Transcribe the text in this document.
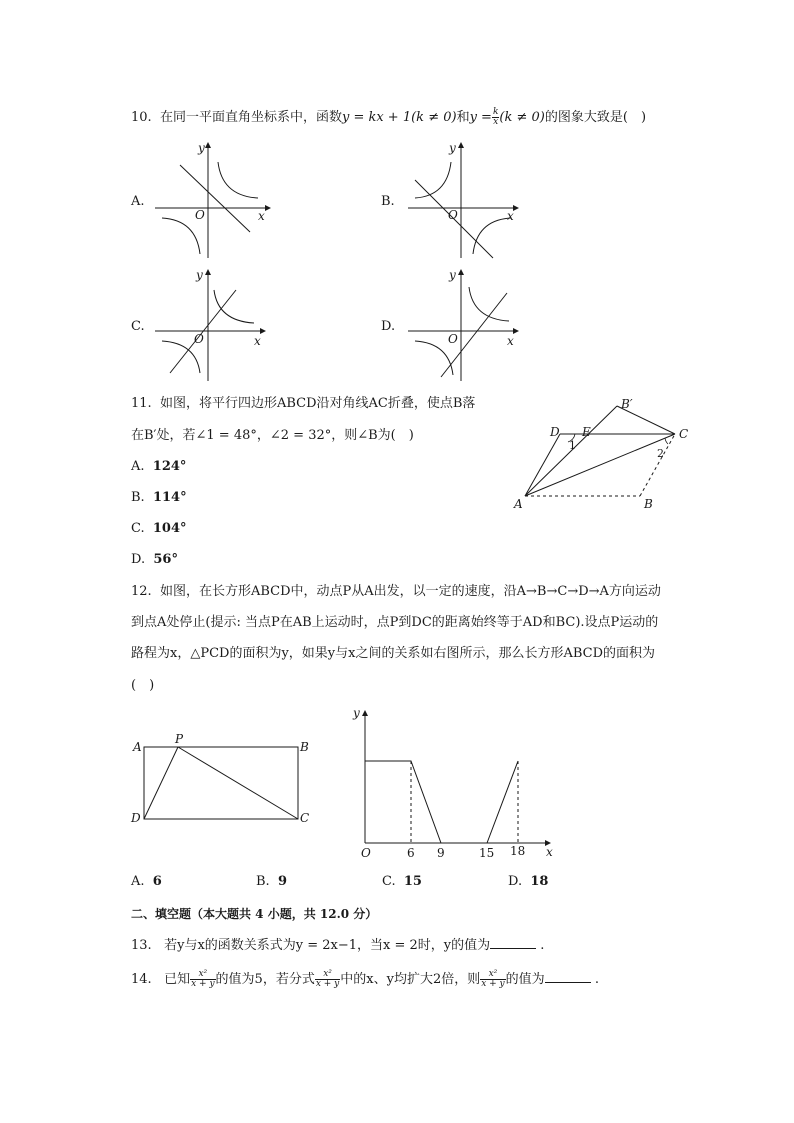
10. 在同一平面直角坐标系中，函数y = kx + 1(k ≠ 0)和$y = \frac{k}{x} (k \ne 0)$的图象大致是(　)
A.	B.
C.	D.
x
y
O	x
y
O
x
y
O	x
y
O
11. 如图，将平行四边形ABCD沿对角线AC折叠，使点B落
在B′处，若∠1 = 48°，∠2 = 32°，则∠B为(　)
A. 124°
B. 114°
C. 104°
D. 56°
B′
D E	C
1
2
A	B
12. 如图，在长方形ABCD中，动点P从A出发，以一定的速度，沿A→B→C→D→A方向运动
到点A处停止(提示: 当点P在AB上运动时，点P到DC的距离始终等于AD和BC).设点P运动的
路程为x，△PCD的面积为y，如果y与x之间的关系如右图所示，那么长方形ABCD的面积为
(　)
A
P
B
D	C
y
x
O	6 9	15 18
A. 6	B. 9	C. 15	D. 18
二、填空题（本大题共 4 小题，共 12.0 分）
13. 若y与x的函数关系式为y = 2x−1，当x = 2时，y的值为	.
14. 已知 $\frac{\text{x²}}{x + y}$ 的值为5，若分式 $\frac{\text{x²}}{x + y}$ 中的x、y均扩大2倍，则 $\frac{\text{x²}}{x + y}$ 的值为	.
